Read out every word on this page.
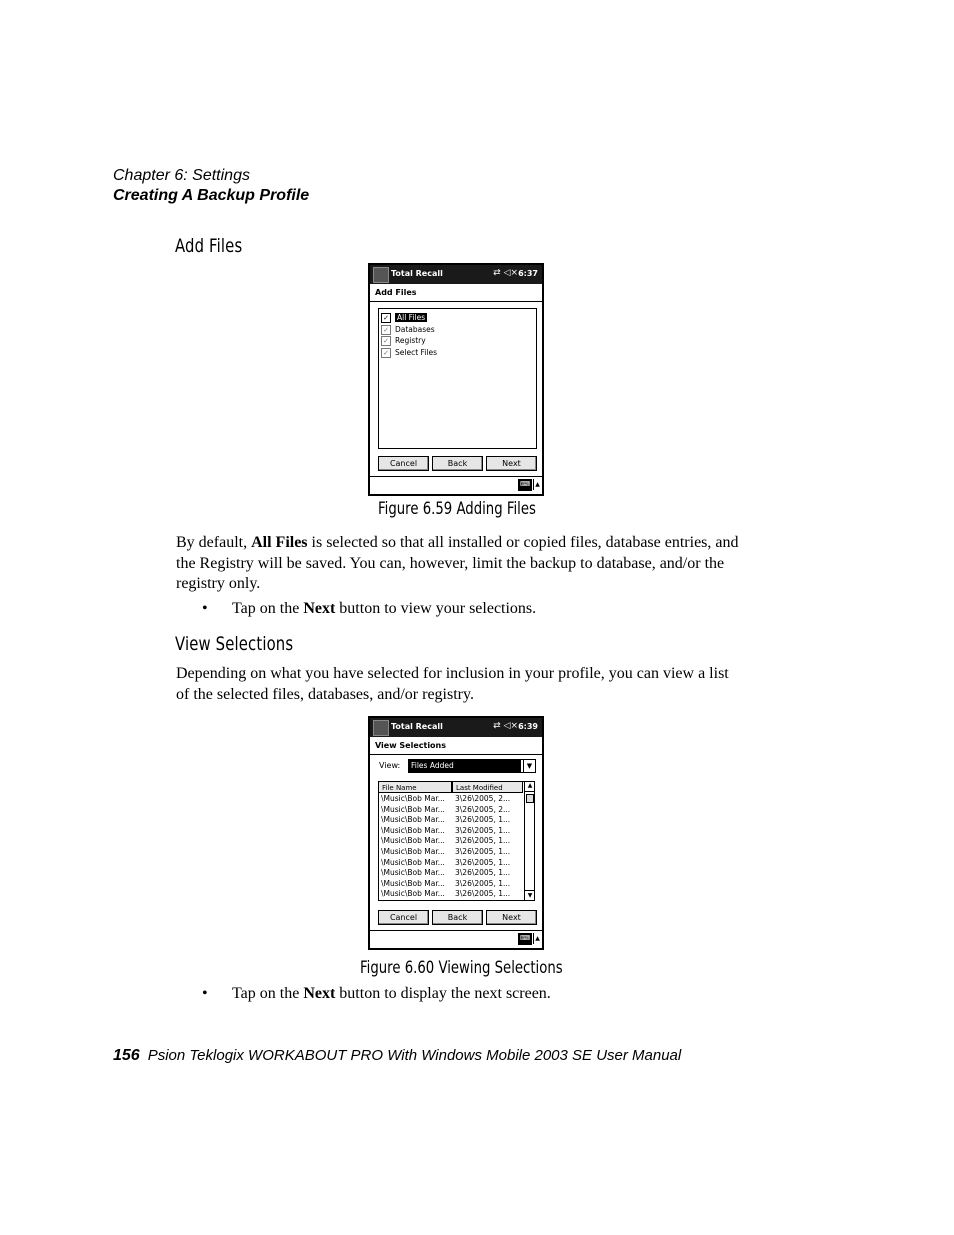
Chapter 6: Settings
Creating A Backup Profile
Add Files
Total Recall	⇄ ◁× 6:37
Add Files
✓ All Files
✓ Databases
✓ Registry
✓ Select Files
Cancel	Back	Next
⌨ ▲
Figure 6.59 Adding Files
By default, All Files is selected so that all installed or copied files, database entries, and the Registry will be saved. You can, however, limit the backup to database, and/or the registry only.
• Tap on the Next button to view your selections.
View Selections
Depending on what you have selected for inclusion in your profile, you can view a list of the selected files, databases, and/or registry.
Total Recall	⇄ ◁× 6:39
View Selections
View: Files Added	▼
File Name	Last Modified	▲
▼
\Music\Bob Mar... 3\26\2005, 2...
\Music\Bob Mar... 3\26\2005, 2...
\Music\Bob Mar... 3\26\2005, 1...
\Music\Bob Mar... 3\26\2005, 1...
\Music\Bob Mar... 3\26\2005, 1...
\Music\Bob Mar... 3\26\2005, 1...
\Music\Bob Mar... 3\26\2005, 1...
\Music\Bob Mar... 3\26\2005, 1...
\Music\Bob Mar... 3\26\2005, 1...
\Music\Bob Mar... 3\26\2005, 1...
Cancel	Back	Next
⌨ ▲
Figure 6.60 Viewing Selections
• Tap on the Next button to display the next screen.
156 Psion Teklogix WORKABOUT PRO With Windows Mobile 2003 SE User Manual
